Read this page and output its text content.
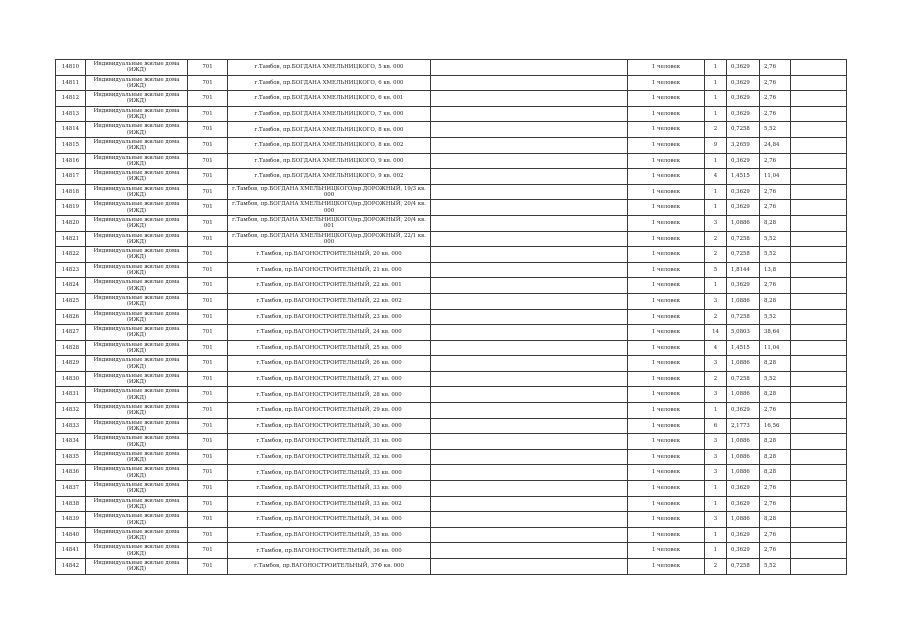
14810	Индивидуальные жилые дома (ИЖД)	701	г.Тамбов, пр.БОГДАНА ХМЕЛЬНИЦКОГО, 5 кв. 000		1 человек	1	0,3629	2,76	
14811	Индивидуальные жилые дома (ИЖД)	701	г.Тамбов, пр.БОГДАНА ХМЕЛЬНИЦКОГО, 6 кв. 000		1 человек	1	0,3629	2,76	
14812	Индивидуальные жилые дома (ИЖД)	701	г.Тамбов, пр.БОГДАНА ХМЕЛЬНИЦКОГО, 6 кв. 001		1 человек	1	0,3629	2,76	
14813	Индивидуальные жилые дома (ИЖД)	701	г.Тамбов, пр.БОГДАНА ХМЕЛЬНИЦКОГО, 7 кв. 000		1 человек	1	0,3629	2,76	
14814	Индивидуальные жилые дома (ИЖД)	701	г.Тамбов, пр.БОГДАНА ХМЕЛЬНИЦКОГО, 8 кв. 000		1 человек	2	0,7258	5,52	
14815	Индивидуальные жилые дома (ИЖД)	701	г.Тамбов, пр.БОГДАНА ХМЕЛЬНИЦКОГО, 8 кв. 002		1 человек	9	3,2659	24,84	
14816	Индивидуальные жилые дома (ИЖД)	701	г.Тамбов, пр.БОГДАНА ХМЕЛЬНИЦКОГО, 9 кв. 000		1 человек	1	0,3629	2,76	
14817	Индивидуальные жилые дома (ИЖД)	701	г.Тамбов, пр.БОГДАНА ХМЕЛЬНИЦКОГО, 9 кв. 002		1 человек	4	1,4515	11,04	
14818	Индивидуальные жилые дома (ИЖД)	701	г.Тамбов, пр.БОГДАНА ХМЕЛЬНИЦКОГО/пр.ДОРОЖНЫЙ, 19/3 кв. 000		1 человек	1	0,3629	2,76	
14819	Индивидуальные жилые дома (ИЖД)	701	г.Тамбов, пр.БОГДАНА ХМЕЛЬНИЦКОГО/пр.ДОРОЖНЫЙ, 20/4 кв. 000		1 человек	1	0,3629	2,76	
14820	Индивидуальные жилые дома (ИЖД)	701	г.Тамбов, пр.БОГДАНА ХМЕЛЬНИЦКОГО/пр.ДОРОЖНЫЙ, 20/4 кв. 001		1 человек	3	1,0886	8,28	
14821	Индивидуальные жилые дома (ИЖД)	701	г.Тамбов, пр.БОГДАНА ХМЕЛЬНИЦКОГО/пр.ДОРОЖНЫЙ, 22/1 кв. 000		1 человек	2	0,7258	5,52	
14822	Индивидуальные жилые дома (ИЖД)	701	г.Тамбов, пр.ВАГОНОСТРОИТЕЛЬНЫЙ, 20 кв. 000		1 человек	2	0,7258	5,52	
14823	Индивидуальные жилые дома (ИЖД)	701	г.Тамбов, пр.ВАГОНОСТРОИТЕЛЬНЫЙ, 21 кв. 000		1 человек	5	1,8144	13,8	
14824	Индивидуальные жилые дома (ИЖД)	701	г.Тамбов, пр.ВАГОНОСТРОИТЕЛЬНЫЙ, 22 кв. 001		1 человек	1	0,3629	2,76	
14825	Индивидуальные жилые дома (ИЖД)	701	г.Тамбов, пр.ВАГОНОСТРОИТЕЛЬНЫЙ, 22 кв. 002		1 человек	3	1,0886	8,28	
14826	Индивидуальные жилые дома (ИЖД)	701	г.Тамбов, пр.ВАГОНОСТРОИТЕЛЬНЫЙ, 23 кв. 000		1 человек	2	0,7258	5,52	
14827	Индивидуальные жилые дома (ИЖД)	701	г.Тамбов, пр.ВАГОНОСТРОИТЕЛЬНЫЙ, 24 кв. 000		1 человек	14	5,0803	38,64	
14828	Индивидуальные жилые дома (ИЖД)	701	г.Тамбов, пр.ВАГОНОСТРОИТЕЛЬНЫЙ, 25 кв. 000		1 человек	4	1,4515	11,04	
14829	Индивидуальные жилые дома (ИЖД)	701	г.Тамбов, пр.ВАГОНОСТРОИТЕЛЬНЫЙ, 26 кв. 000		1 человек	3	1,0886	8,28	
14830	Индивидуальные жилые дома (ИЖД)	701	г.Тамбов, пр.ВАГОНОСТРОИТЕЛЬНЫЙ, 27 кв. 000		1 человек	2	0,7258	5,52	
14831	Индивидуальные жилые дома (ИЖД)	701	г.Тамбов, пр.ВАГОНОСТРОИТЕЛЬНЫЙ, 28 кв. 000		1 человек	3	1,0886	8,28	
14832	Индивидуальные жилые дома (ИЖД)	701	г.Тамбов, пр.ВАГОНОСТРОИТЕЛЬНЫЙ, 29 кв. 000		1 человек	1	0,3629	2,76	
14833	Индивидуальные жилые дома (ИЖД)	701	г.Тамбов, пр.ВАГОНОСТРОИТЕЛЬНЫЙ, 30 кв. 000		1 человек	6	2,1773	16,56	
14834	Индивидуальные жилые дома (ИЖД)	701	г.Тамбов, пр.ВАГОНОСТРОИТЕЛЬНЫЙ, 31 кв. 000		1 человек	3	1,0886	8,28	
14835	Индивидуальные жилые дома (ИЖД)	701	г.Тамбов, пр.ВАГОНОСТРОИТЕЛЬНЫЙ, 32 кв. 000		1 человек	3	1,0886	8,28	
14836	Индивидуальные жилые дома (ИЖД)	701	г.Тамбов, пр.ВАГОНОСТРОИТЕЛЬНЫЙ, 33 кв. 000		1 человек	3	1,0886	8,28	
14837	Индивидуальные жилые дома (ИЖД)	701	г.Тамбов, пр.ВАГОНОСТРОИТЕЛЬНЫЙ, 33 кв. 000		1 человек	1	0,3629	2,76	
14838	Индивидуальные жилые дома (ИЖД)	701	г.Тамбов, пр.ВАГОНОСТРОИТЕЛЬНЫЙ, 33 кв. 002		1 человек	1	0,3629	2,76	
14839	Индивидуальные жилые дома (ИЖД)	701	г.Тамбов, пр.ВАГОНОСТРОИТЕЛЬНЫЙ, 34 кв. 000		1 человек	3	1,0886	8,28	
14840	Индивидуальные жилые дома (ИЖД)	701	г.Тамбов, пр.ВАГОНОСТРОИТЕЛЬНЫЙ, 35 кв. 000		1 человек	1	0,3629	2,76	
14841	Индивидуальные жилые дома (ИЖД)	701	г.Тамбов, пр.ВАГОНОСТРОИТЕЛЬНЫЙ, 36 кв. 000		1 человек	1	0,3629	2,76	
14842	Индивидуальные жилые дома (ИЖД)	701	г.Тамбов, пр.ВАГОНОСТРОИТЕЛЬНЫЙ, 37Ф кв. 000		1 человек	2	0,7258	5,52	
